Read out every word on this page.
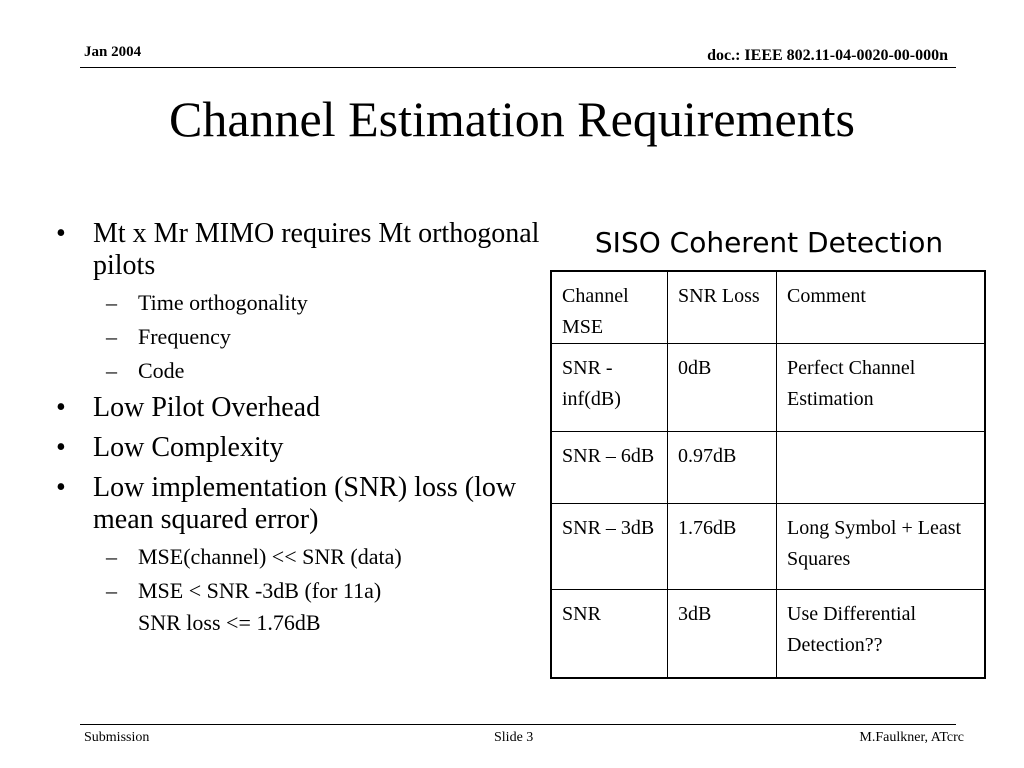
Jan 2004	doc.: IEEE 802.11-04-0020-00-000n
Channel Estimation Requirements
• Mt x Mr MIMO requires Mt orthogonal pilots
– Time orthogonality
– Frequency
– Code
• Low Pilot Overhead
• Low Complexity
• Low implementation (SNR) loss (low mean squared error)
– MSE(channel) << SNR (data)
– MSE < SNR -3dB (for 11a)
SNR loss <= 1.76dB
SISO Coherent Detection
Channel MSE	SNR Loss	Comment
SNR - inf(dB)	0dB	Perfect Channel Estimation
SNR – 6dB	0.97dB	
SNR – 3dB	1.76dB	Long Symbol + Least Squares
SNR	3dB	Use Differential Detection??
Submission	Slide 3	M.Faulkner, ATcrc
